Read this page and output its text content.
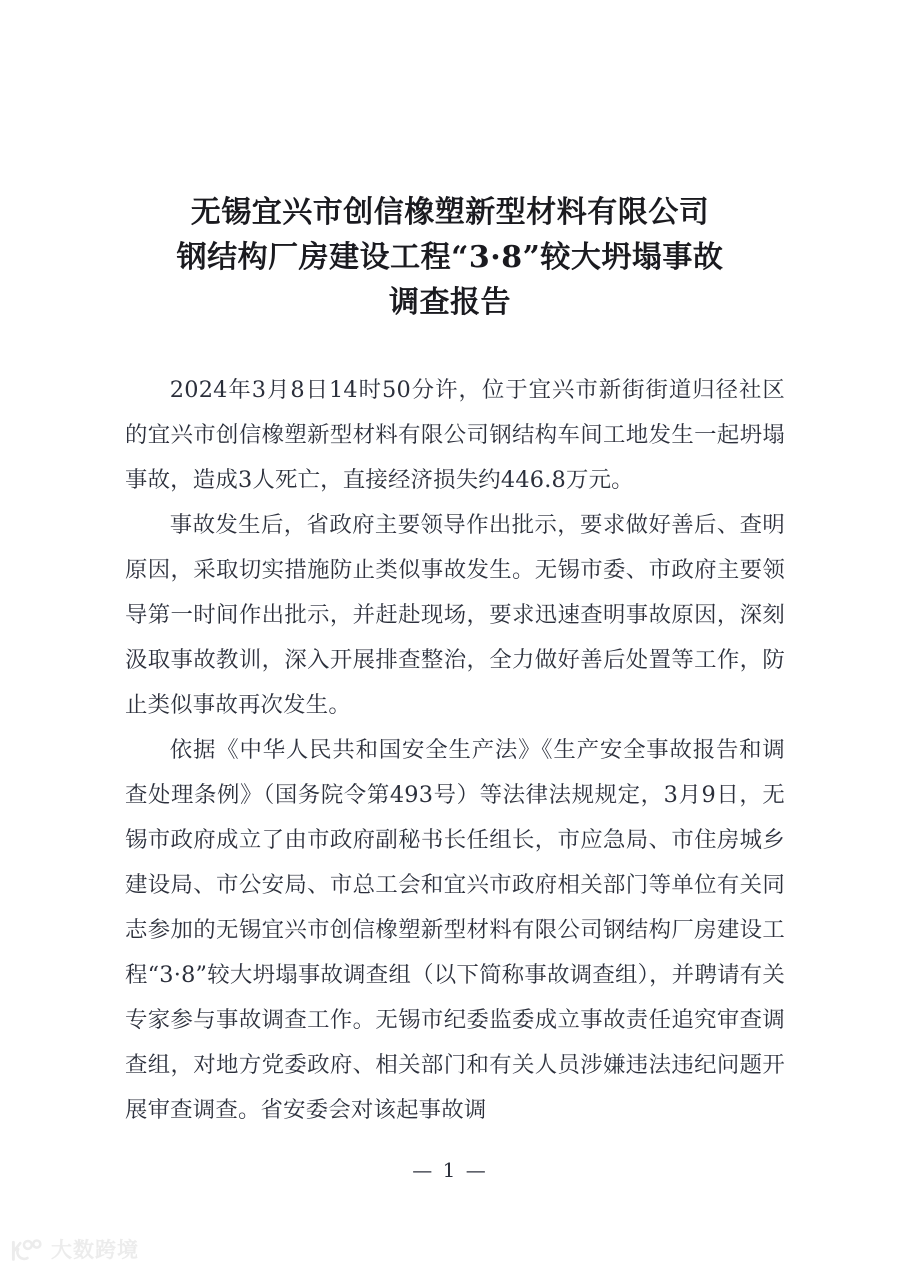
无锡宜兴市创信橡塑新型材料有限公司
钢结构厂房建设工程“3·8”较大坍塌事故
调查报告

2024年3月8日14时50分许，位于宜兴市新街街道归径社区的宜兴市创信橡塑新型材料有限公司钢结构车间工地发生一起坍塌事故，造成3人死亡，直接经济损失约446.8万元。

事故发生后，省政府主要领导作出批示，要求做好善后、查明原因，采取切实措施防止类似事故发生。无锡市委、市政府主要领导第一时间作出批示，并赶赴现场，要求迅速查明事故原因，深刻汲取事故教训，深入开展排查整治，全力做好善后处置等工作，防止类似事故再次发生。

依据《中华人民共和国安全生产法》《生产安全事故报告和调查处理条例》（国务院令第493号）等法律法规规定，3月9日，无锡市政府成立了由市政府副秘书长任组长，市应急局、市住房城乡建设局、市公安局、市总工会和宜兴市政府相关部门等单位有关同志参加的无锡宜兴市创信橡塑新型材料有限公司钢结构厂房建设工程“3·8”较大坍塌事故调查组（以下简称事故调查组），并聘请有关专家参与事故调查工作。无锡市纪委监委成立事故责任追究审查调查组，对地方党委政府、相关部门和有关人员涉嫌违法违纪问题开展审查调查。省安委会对该起事故调

— 1 —
大数跨境
